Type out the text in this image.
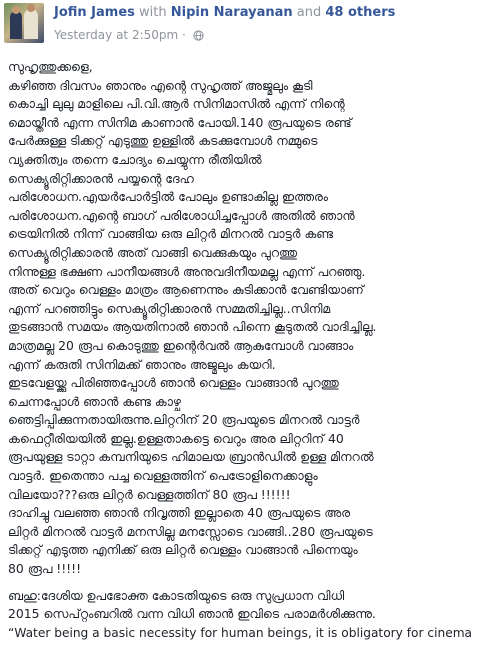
Jofin James with Nipin Narayanan and 48 others
Yesterday at 2:50pm ·

സുഹൃത്തുക്കളെ,
കഴിഞ്ഞ ദിവസം ഞാനും എന്റെ സുഹൃത്ത് അജ്മലും കൂടി
കൊച്ചി ലുലു മാളിലെ പി.വി.ആർ സിനിമാസിൽ എന്ന് നിന്റെ
മൊയ്തീൻ എന്ന സിനിമ കാണാൻ പോയി.140 രൂപയുടെ രണ്ട്
പേർക്കുള്ള ടിക്കറ്റ് എടുത്തു ഉള്ളിൽ കടക്കുമ്പോൾ നമ്മുടെ
വ്യക്തിത്വം തന്നെ ചോദ്യം ചെയ്യുന്ന രീതിയിൽ
സെക്യൂരിറ്റിക്കാരൻ പയ്യന്റെ ദേഹ
പരിശോധന.എയർപോർട്ടിൽ പോലും ഉണ്ടാകില്ല ഇത്തരം
പരിശോധന.എന്റെ ബാഗ് പരിശോധിച്ചപ്പോൾ അതിൽ ഞാൻ
ട്രെയിനിൽ നിന്ന് വാങ്ങിയ ഒരു ലിറ്റർ മിനറൽ വാട്ടർ കണ്ട
സെക്യൂരിറ്റിക്കാരൻ അത് വാങ്ങി വെക്കുകയും പുറത്തു
നിന്നുള്ള ഭക്ഷണ പാനീയങ്ങൾ അനുവദിനീയമല്ല എന്ന് പറഞ്ഞു.
അത് വെറും വെള്ളം മാത്രം ആണെന്നും കുടിക്കാൻ വേണ്ടിയാണ്
എന്ന് പറഞ്ഞിട്ടും സെക്യൂരിറ്റിക്കാരൻ സമ്മതിച്ചില്ല..സിനിമ
തുടങ്ങാൻ സമയം ആയതിനാൽ ഞാൻ പിന്നെ കൂടുതൽ വാദിച്ചില്ല.
മാത്രമല്ല 20 രൂപ കൊടുത്തു ഇന്റെർവൽ ആകുമ്പോൾ വാങ്ങാം
എന്ന് കരുതി സിനിമക്ക് ഞാനും അജ്മലും കയറി.
ഇടവേളയ്ക്കു പിരിഞ്ഞപ്പോൾ ഞാൻ വെള്ളം വാങ്ങാൻ പുറത്തു
ചെന്നപ്പോൾ ഞാൻ കണ്ട കാഴ്ച
ഞെട്ടിപ്പിക്കുന്നതായിരുന്നു.ലിറ്ററിന് 20 രൂപയുടെ മിനറൽ വാട്ടർ
കഫെറ്റീരിയയിൽ ഇല്ല.ഉള്ളതാകട്ടെ വെറും അര ലിറ്ററിന് 40
രൂപയുള്ള ടാറ്റാ കമ്പനിയുടെ ഹിമാലയ ബ്രാൻഡിൽ ഉള്ള മിനറൽ
വാട്ടർ. ഇതെന്താ പച്ച വെള്ളത്തിന് പെട്രോളിനെക്കാളും
വിലയോ???ഒരു ലിറ്റർ വെള്ളത്തിന് 80 രൂപ !!!!!!
ദാഹിച്ചു വലഞ്ഞ ഞാൻ നിവൃത്തി ഇല്ലാതെ 40 രൂപയുടെ അര
ലിറ്റർ മിനറൽ വാട്ടർ മനസില്ല മനസ്സോടെ വാങ്ങി..280 രൂപയുടെ
ടിക്കറ്റ് എടുത്ത എനിക്ക് ഒരു ലിറ്റർ വെള്ളം വാങ്ങാൻ പിന്നെയും
80 രൂപ !!!!!

ബഹു:ദേശിയ ഉപഭോക്ത കോടതിയുടെ ഒരു സുപ്രധാന വിധി
2015 സെപ്റ്റംബറിൽ വന്ന വിധി ഞാൻ ഇവിടെ പരാമർശിക്കുന്നു.

“Water being a basic necessity for human beings, it is obligatory for cinema
